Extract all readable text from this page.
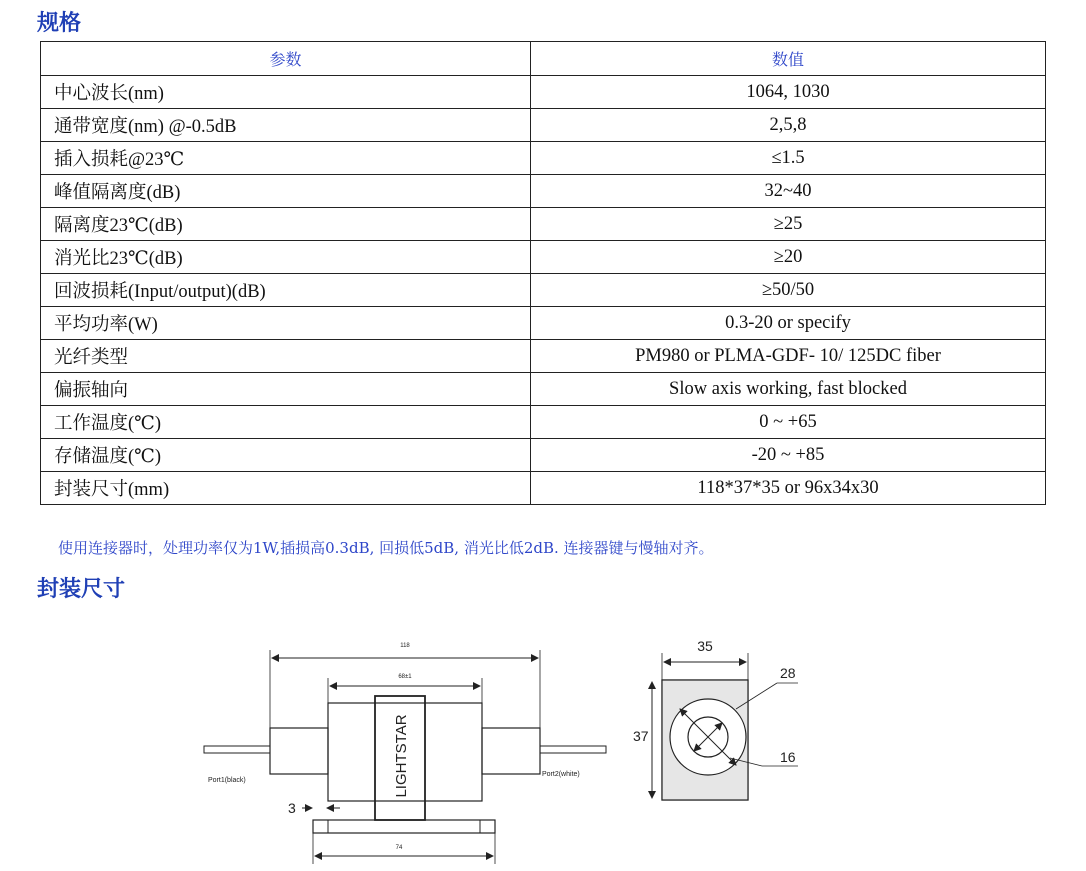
规格
参数	数值
中心波长(nm)	1064, 1030
通带宽度(nm) @-0.5dB	2,5,8
插入损耗@23℃	≤1.5
峰值隔离度(dB)	32~40
隔离度23℃(dB)	≥25
消光比23℃(dB)	≥20
回波损耗(Input/output)(dB)	≥50/50
平均功率(W)	0.3-20 or specify
光纤类型	PM980 or PLMA-GDF- 10/ 125DC fiber
偏振轴向	Slow axis working, fast blocked
工作温度(℃)	0 ~ +65
存储温度(℃)	-20 ~ +85
封装尺寸(mm)	118*37*35 or 96x34x30
使用连接器时，处理功率仅为1W,插损高0.3dB, 回损低5dB, 消光比低2dB. 连接器键与慢轴对齐。
封装尺寸
LIGHTSTAR
118
68±1
Port1(black)
Port2(white)
3
74
28
16
35
37
